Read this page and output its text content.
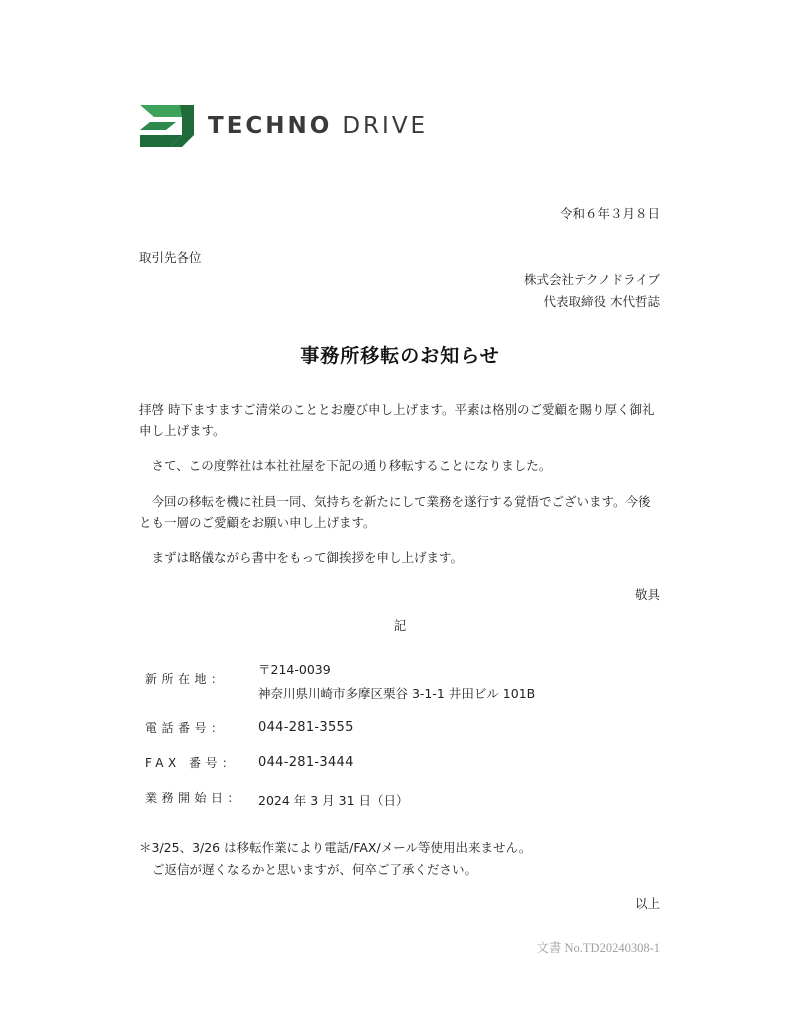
TECHNO DRIVE
令和６年３月８日
取引先各位
株式会社テクノドライブ
代表取締役 木代哲誌
事務所移転のお知らせ
拝啓 時下ますますご清栄のこととお慶び申し上げます。平素は格別のご愛顧を賜り厚く御礼申し上げます。
さて、この度弊社は本社社屋を下記の通り移転することになりました。
今回の移転を機に社員一同、気持ちを新たにして業務を遂行する覚悟でございます。今後とも一層のご愛顧をお願い申し上げます。
まずは略儀ながら書中をもって御挨拶を申し上げます。
敬具
記
新所在地：
〒214-0039
神奈川県川崎市多摩区栗谷 3-1-1 井田ビル 101B
電話番号：	044-281-3555
FAX 番号： 044-281-3444
業務開始日： 2024 年 3 月 31 日（日）
＊3/25、3/26 は移転作業により電話/FAX/メール等使用出来ません。
ご返信が遅くなるかと思いますが、何卒ご了承ください。
以上
文書 No.TD20240308-1
